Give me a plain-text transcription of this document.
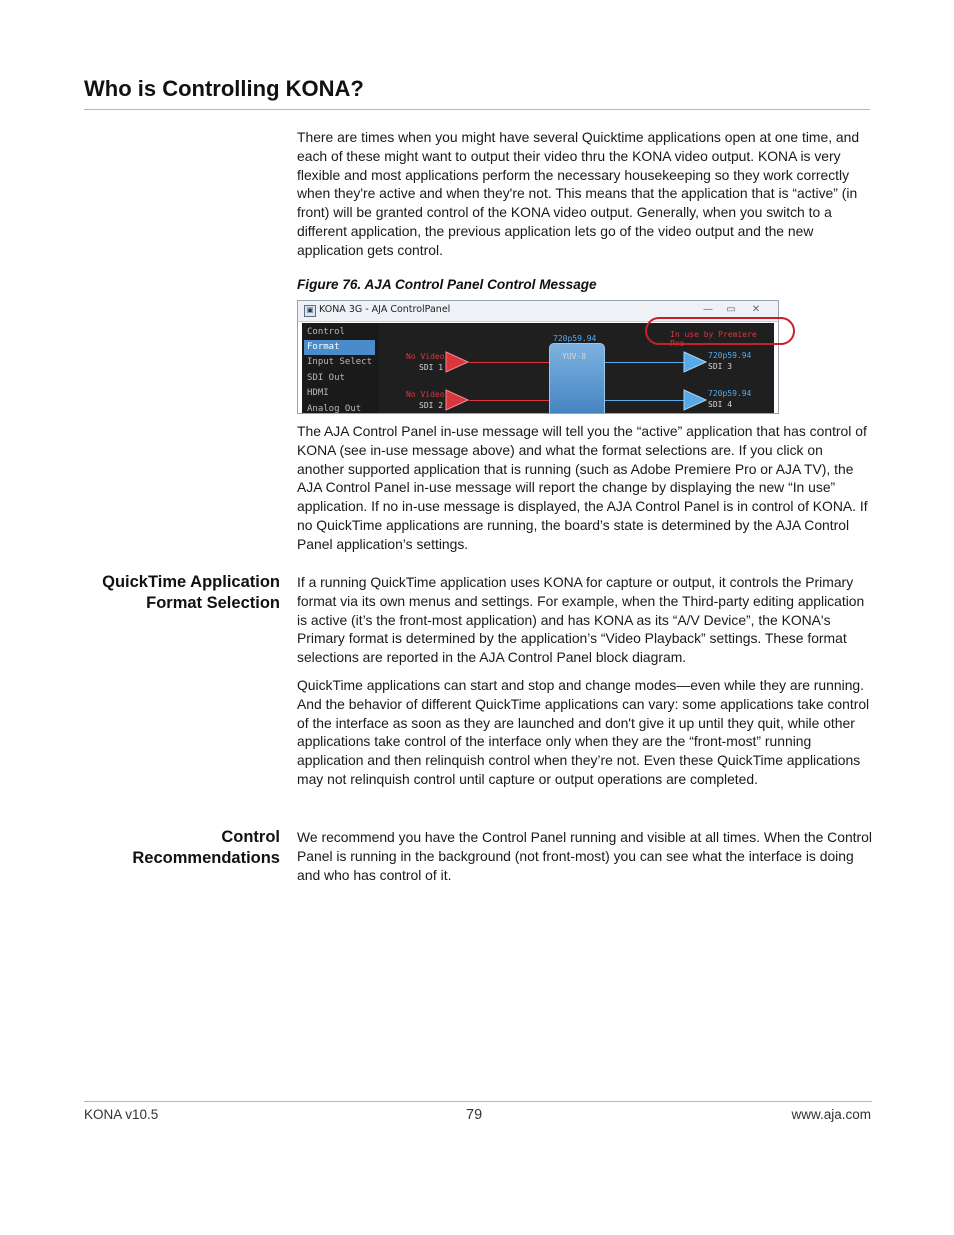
Who is Controlling KONA?

There are times when you might have several Quicktime applications open at one time, and each of these might want to output their video thru the KONA video output. KONA is very flexible and most applications perform the necessary housekeeping so they work correctly when they're active and when they're not. This means that the application that is “active” (in front) will be granted control of the KONA video output. Generally, when you switch to a different application, the previous application lets go of the video output and the new application gets control.

Figure 76. AJA Control Panel Control Message
▣ KONA 3G - AJA ControlPanel	—	▭	✕
Control
Format
Input Select
SDI Out
HDMI
Analog Out
In use by Premiere Pro
720p59.94
YUV-8
No Video
SDI 1
No Video
SDI 2
720p59.94
SDI 3
720p59.94
SDI 4

The AJA Control Panel in-use message will tell you the “active” application that has control of KONA (see in-use message above) and what the format selections are. If you click on another supported application that is running (such as Adobe Premiere Pro or AJA TV), the AJA Control Panel in-use message will report the change by displaying the new “In use” application. If no in-use message is displayed, the AJA Control Panel is in control of KONA. If no QuickTime applications are running, the board’s state is determined by the AJA Control Panel application’s settings.

QuickTime Application
Format Selection

If a running QuickTime application uses KONA for capture or output, it controls the Primary format via its own menus and settings. For example, when the Third-party editing application is active (it’s the front-most application) and has KONA as its “A/V Device”, the KONA's Primary format is determined by the application’s “Video Playback” settings. These format selections are reported in the AJA Control Panel block diagram.

QuickTime applications can start and stop and change modes—even while they are running. And the behavior of different QuickTime applications can vary: some applications take control of the interface as soon as they are launched and don't give it up until they quit, while other applications take control of the interface only when they are the “front-most” running application and then relinquish control when they’re not. Even these QuickTime applications may not relinquish control until capture or output operations are completed.

Control
Recommendations

We recommend you have the Control Panel running and visible at all times. When the Control Panel is running in the background (not front-most) you can see what the interface is doing and who has control of it.

KONA v10.5	79	www.aja.com
